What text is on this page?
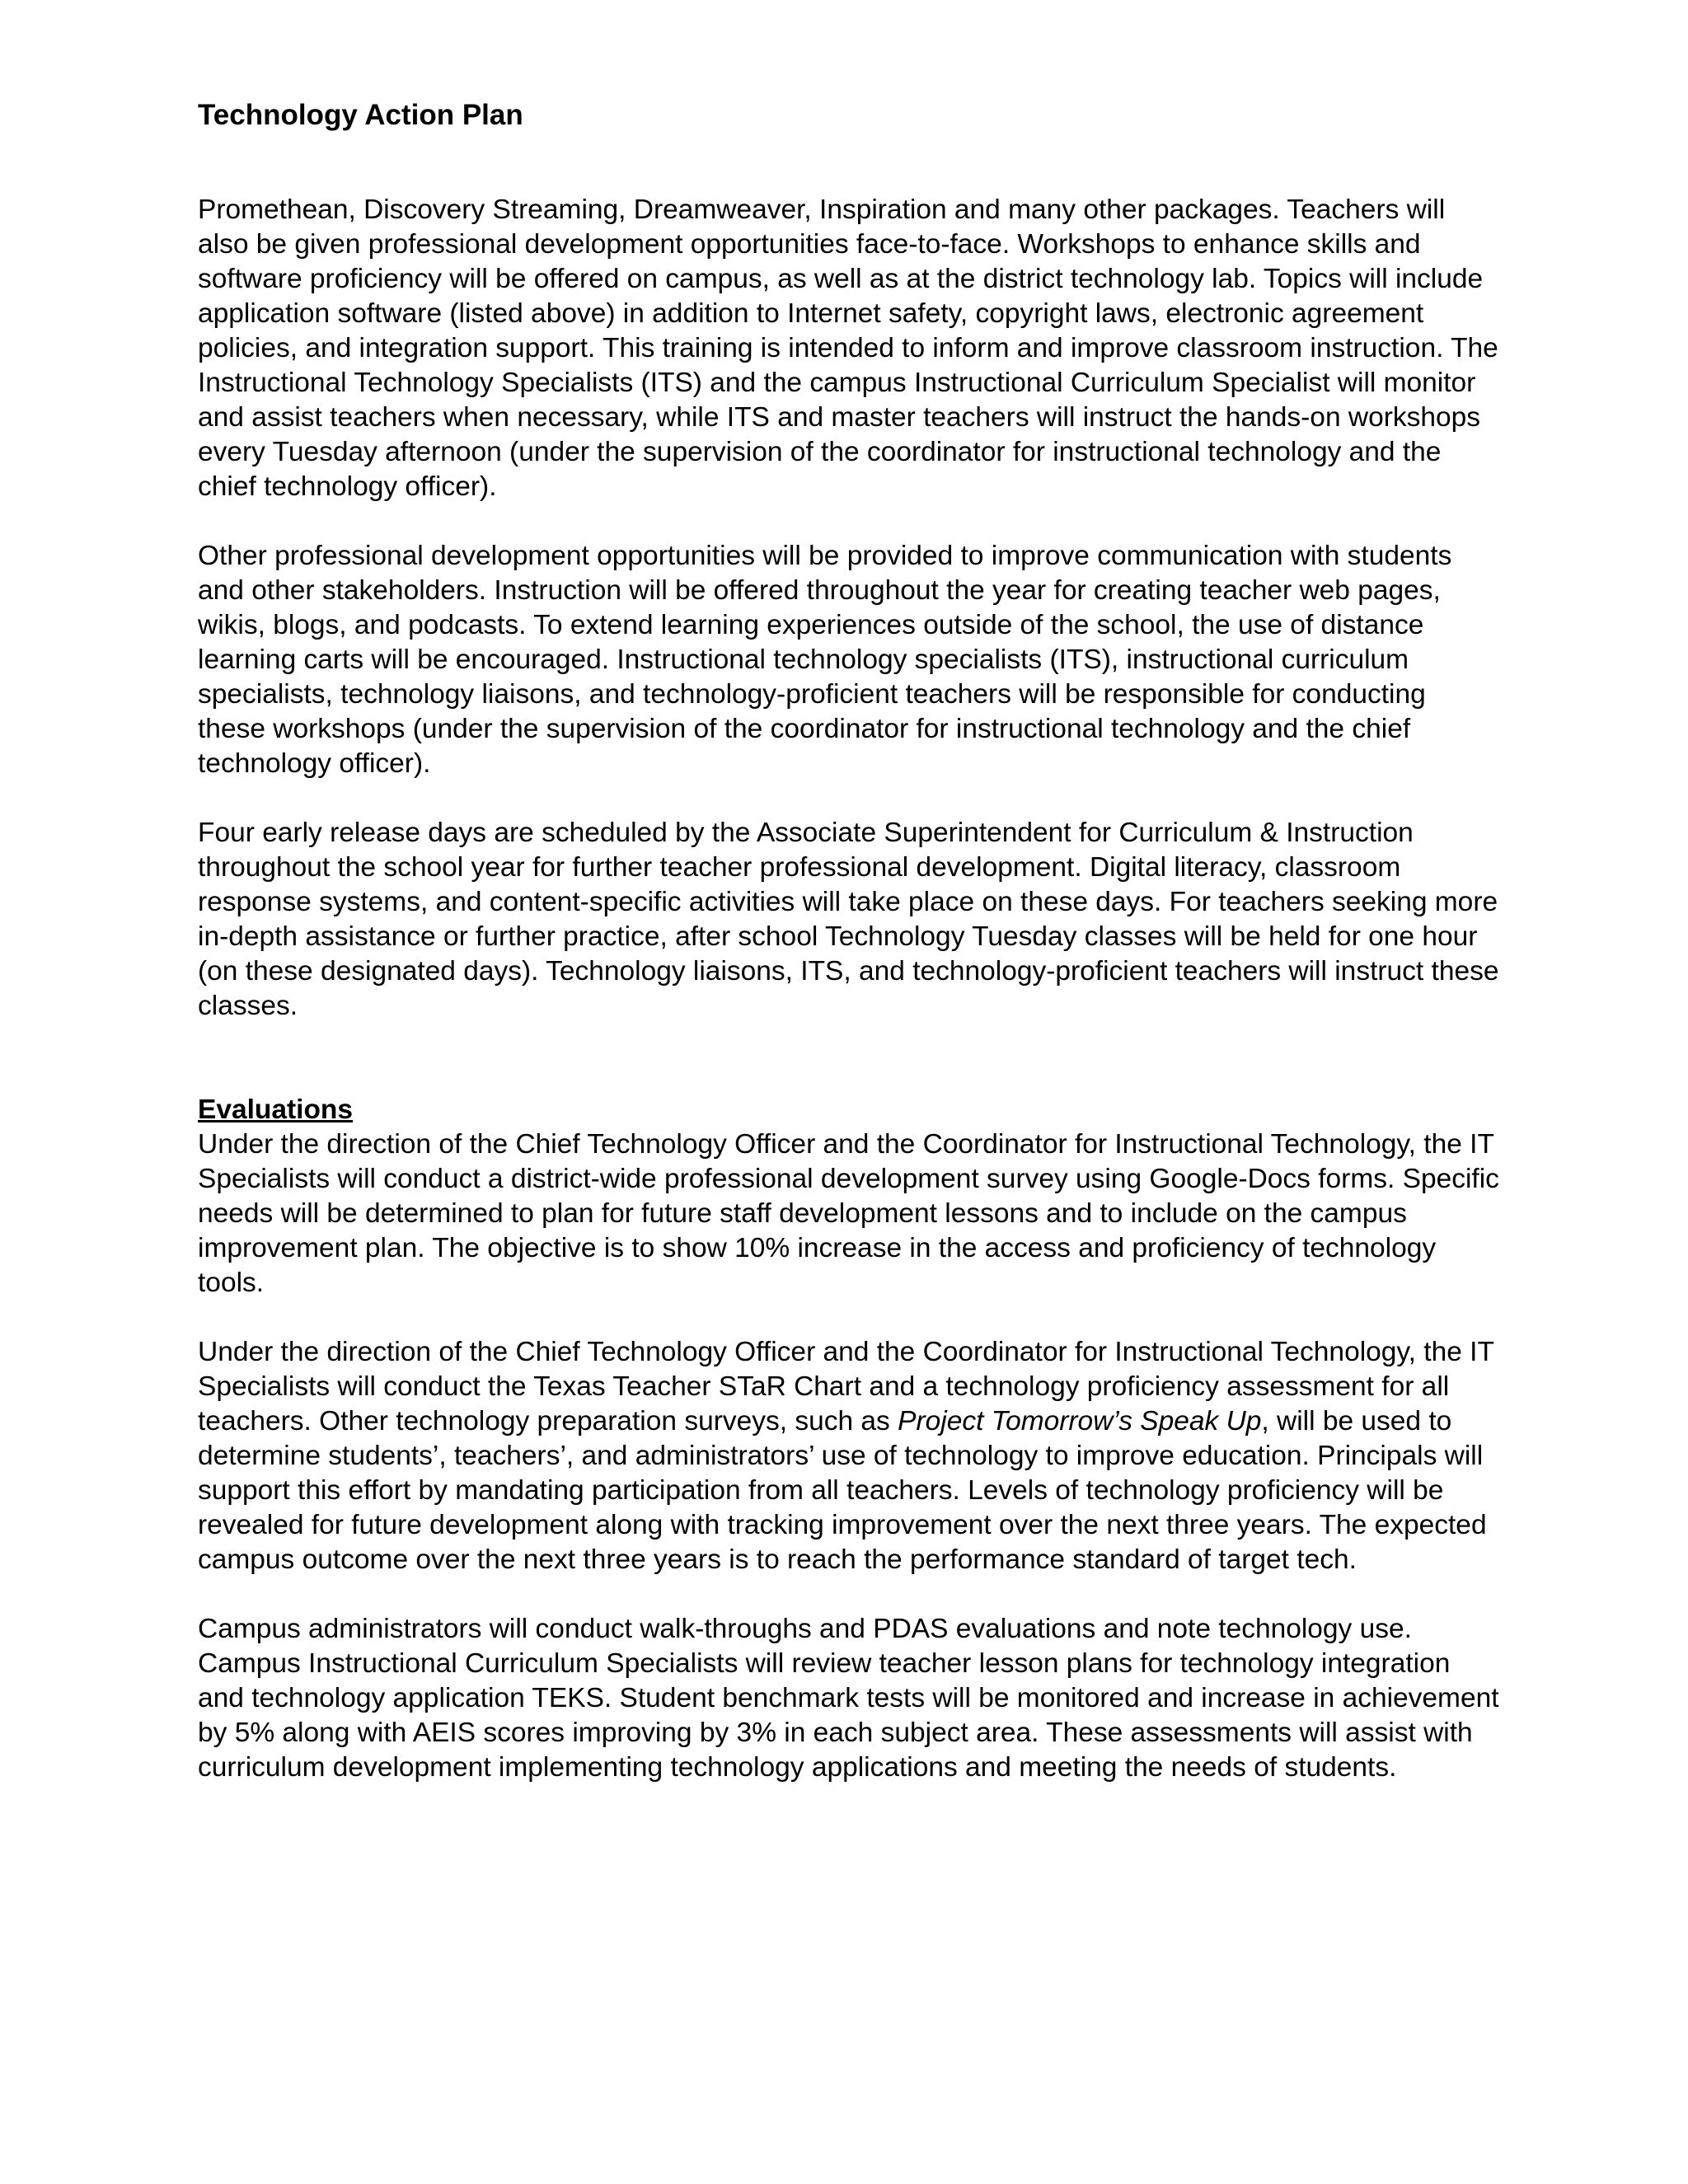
Technology Action Plan

Promethean, Discovery Streaming, Dreamweaver, Inspiration and many other packages. Teachers will also be given professional development opportunities face-to-face. Workshops to enhance skills and software proficiency will be offered on campus, as well as at the district technology lab. Topics will include application software (listed above) in addition to Internet safety, copyright laws, electronic agreement policies, and integration support. This training is intended to inform and improve classroom instruction. The Instructional Technology Specialists (ITS) and the campus Instructional Curriculum Specialist will monitor and assist teachers when necessary, while ITS and master teachers will instruct the hands-on workshops every Tuesday afternoon (under the supervision of the coordinator for instructional technology and the chief technology officer).

Other professional development opportunities will be provided to improve communication with students and other stakeholders. Instruction will be offered throughout the year for creating teacher web pages, wikis, blogs, and podcasts. To extend learning experiences outside of the school, the use of distance learning carts will be encouraged. Instructional technology specialists (ITS), instructional curriculum specialists, technology liaisons, and technology-proficient teachers will be responsible for conducting these workshops (under the supervision of the coordinator for instructional technology and the chief technology officer).

Four early release days are scheduled by the Associate Superintendent for Curriculum & Instruction throughout the school year for further teacher professional development. Digital literacy, classroom response systems, and content-specific activities will take place on these days. For teachers seeking more in-depth assistance or further practice, after school Technology Tuesday classes will be held for one hour (on these designated days). Technology liaisons, ITS, and technology-proficient teachers will instruct these classes.

Evaluations

Under the direction of the Chief Technology Officer and the Coordinator for Instructional Technology, the IT Specialists will conduct a district-wide professional development survey using Google-Docs forms. Specific needs will be determined to plan for future staff development lessons and to include on the campus improvement plan. The objective is to show 10% increase in the access and proficiency of technology tools.

Under the direction of the Chief Technology Officer and the Coordinator for Instructional Technology, the IT Specialists will conduct the Texas Teacher STaR Chart and a technology proficiency assessment for all teachers. Other technology preparation surveys, such as Project Tomorrow’s Speak Up, will be used to determine students’, teachers’, and administrators’ use of technology to improve education. Principals will support this effort by mandating participation from all teachers. Levels of technology proficiency will be revealed for future development along with tracking improvement over the next three years. The expected campus outcome over the next three years is to reach the performance standard of target tech.

Campus administrators will conduct walk-throughs and PDAS evaluations and note technology use. Campus Instructional Curriculum Specialists will review teacher lesson plans for technology integration and technology application TEKS. Student benchmark tests will be monitored and increase in achievement by 5% along with AEIS scores improving by 3% in each subject area. These assessments will assist with curriculum development implementing technology applications and meeting the needs of students.
